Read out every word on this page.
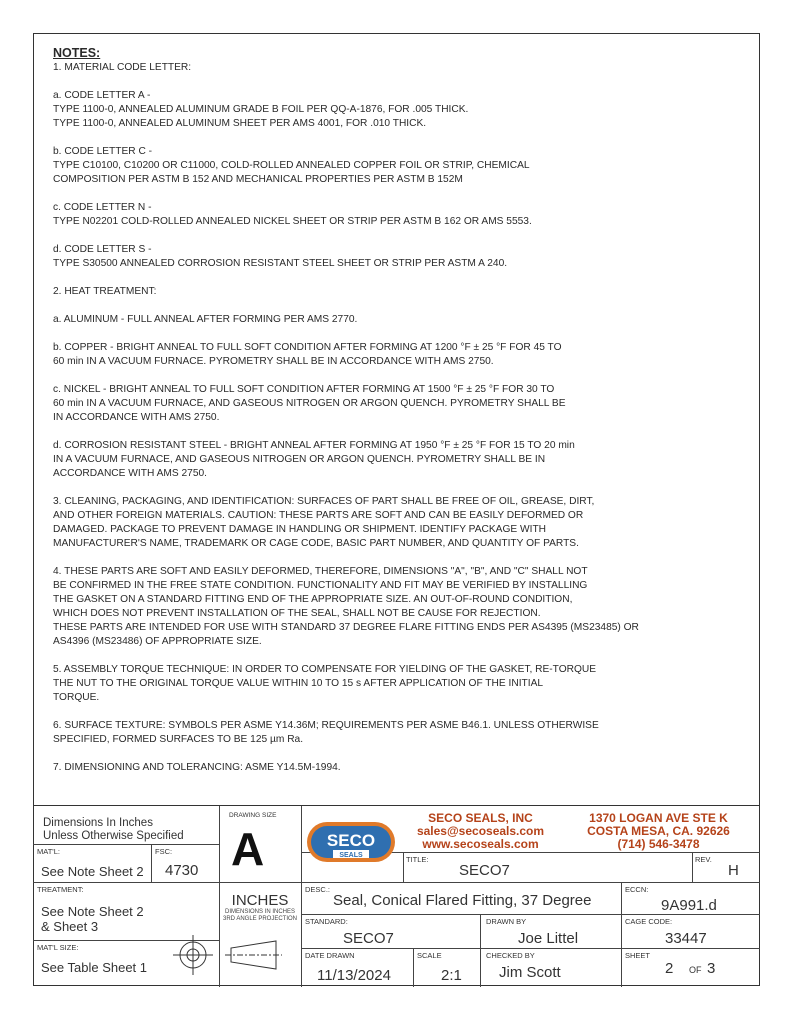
NOTES:
1. MATERIAL CODE LETTER:
a. CODE LETTER A -
TYPE 1100-0, ANNEALED ALUMINUM GRADE B FOIL PER QQ-A-1876, FOR .005 THICK.
TYPE 1100-0, ANNEALED ALUMINUM SHEET PER AMS 4001, FOR .010 THICK.
b. CODE LETTER C -
TYPE C10100, C10200 OR C11000, COLD-ROLLED ANNEALED COPPER FOIL OR STRIP, CHEMICAL
COMPOSITION PER ASTM B 152 AND MECHANICAL PROPERTIES PER ASTM B 152M
c. CODE LETTER N -
TYPE N02201 COLD-ROLLED ANNEALED NICKEL SHEET OR STRIP PER ASTM B 162 OR AMS 5553.
d. CODE LETTER S -
TYPE S30500 ANNEALED CORROSION RESISTANT STEEL SHEET OR STRIP PER ASTM A 240.
2. HEAT TREATMENT:
a. ALUMINUM - FULL ANNEAL AFTER FORMING PER AMS 2770.
b. COPPER - BRIGHT ANNEAL TO FULL SOFT CONDITION AFTER FORMING AT 1200 °F ± 25 °F FOR 45 TO
60 min IN A VACUUM FURNACE. PYROMETRY SHALL BE IN ACCORDANCE WITH AMS 2750.
c. NICKEL - BRIGHT ANNEAL TO FULL SOFT CONDITION AFTER FORMING AT 1500 °F ± 25 °F FOR 30 TO
60 min IN A VACUUM FURNACE, AND GASEOUS NITROGEN OR ARGON QUENCH. PYROMETRY SHALL BE
IN ACCORDANCE WITH AMS 2750.
d. CORROSION RESISTANT STEEL - BRIGHT ANNEAL AFTER FORMING AT 1950 °F ± 25 °F FOR 15 TO 20 min
IN A VACUUM FURNACE, AND GASEOUS NITROGEN OR ARGON QUENCH. PYROMETRY SHALL BE IN
ACCORDANCE WITH AMS 2750.
3. CLEANING, PACKAGING, AND IDENTIFICATION: SURFACES OF PART SHALL BE FREE OF OIL, GREASE, DIRT,
AND OTHER FOREIGN MATERIALS. CAUTION: THESE PARTS ARE SOFT AND CAN BE EASILY DEFORMED OR
DAMAGED. PACKAGE TO PREVENT DAMAGE IN HANDLING OR SHIPMENT. IDENTIFY PACKAGE WITH
MANUFACTURER'S NAME, TRADEMARK OR CAGE CODE, BASIC PART NUMBER, AND QUANTITY OF PARTS.
4. THESE PARTS ARE SOFT AND EASILY DEFORMED, THEREFORE, DIMENSIONS "A", "B", AND "C" SHALL NOT
BE CONFIRMED IN THE FREE STATE CONDITION. FUNCTIONALITY AND FIT MAY BE VERIFIED BY INSTALLING
THE GASKET ON A STANDARD FITTING END OF THE APPROPRIATE SIZE. AN OUT-OF-ROUND CONDITION,
WHICH DOES NOT PREVENT INSTALLATION OF THE SEAL, SHALL NOT BE CAUSE FOR REJECTION.
THESE PARTS ARE INTENDED FOR USE WITH STANDARD 37 DEGREE FLARE FITTING ENDS PER AS4395 (MS23485) OR
AS4396 (MS23486) OF APPROPRIATE SIZE.
5. ASSEMBLY TORQUE TECHNIQUE: IN ORDER TO COMPENSATE FOR YIELDING OF THE GASKET, RE-TORQUE
THE NUT TO THE ORIGINAL TORQUE VALUE WITHIN 10 TO 15 s AFTER APPLICATION OF THE INITIAL
TORQUE.
6. SURFACE TEXTURE: SYMBOLS PER ASME Y14.36M; REQUIREMENTS PER ASME B46.1. UNLESS OTHERWISE
SPECIFIED, FORMED SURFACES TO BE 125 µm Ra.
7. DIMENSIONING AND TOLERANCING: ASME Y14.5M-1994.
Dimensions In Inches
Unless Otherwise Specified
DRAWING SIZE
A
MAT'L:
See Note Sheet 2
FSC:
4730
TREATMENT:
See Note Sheet 2
& Sheet 3
MAT'L SIZE:
See Table Sheet 1
INCHES
DIMENSIONS IN INCHES
3RD ANGLE PROJECTION
SECO
SEALS
SECO SEALS, INC
sales@secoseals.com
www.secoseals.com
1370 LOGAN AVE STE K
COSTA MESA, CA. 92626
(714) 546-3478
TITLE:
SECO7
REV.
H
DESC.:
Seal, Conical Flared Fitting, 37 Degree
ECCN:
9A991.d
STANDARD:
SECO7
DRAWN BY
Joe Littel
CAGE CODE:
33447
DATE DRAWN
11/13/2024
SCALE
2:1
CHECKED BY
Jim Scott
SHEET
2 OF 3
